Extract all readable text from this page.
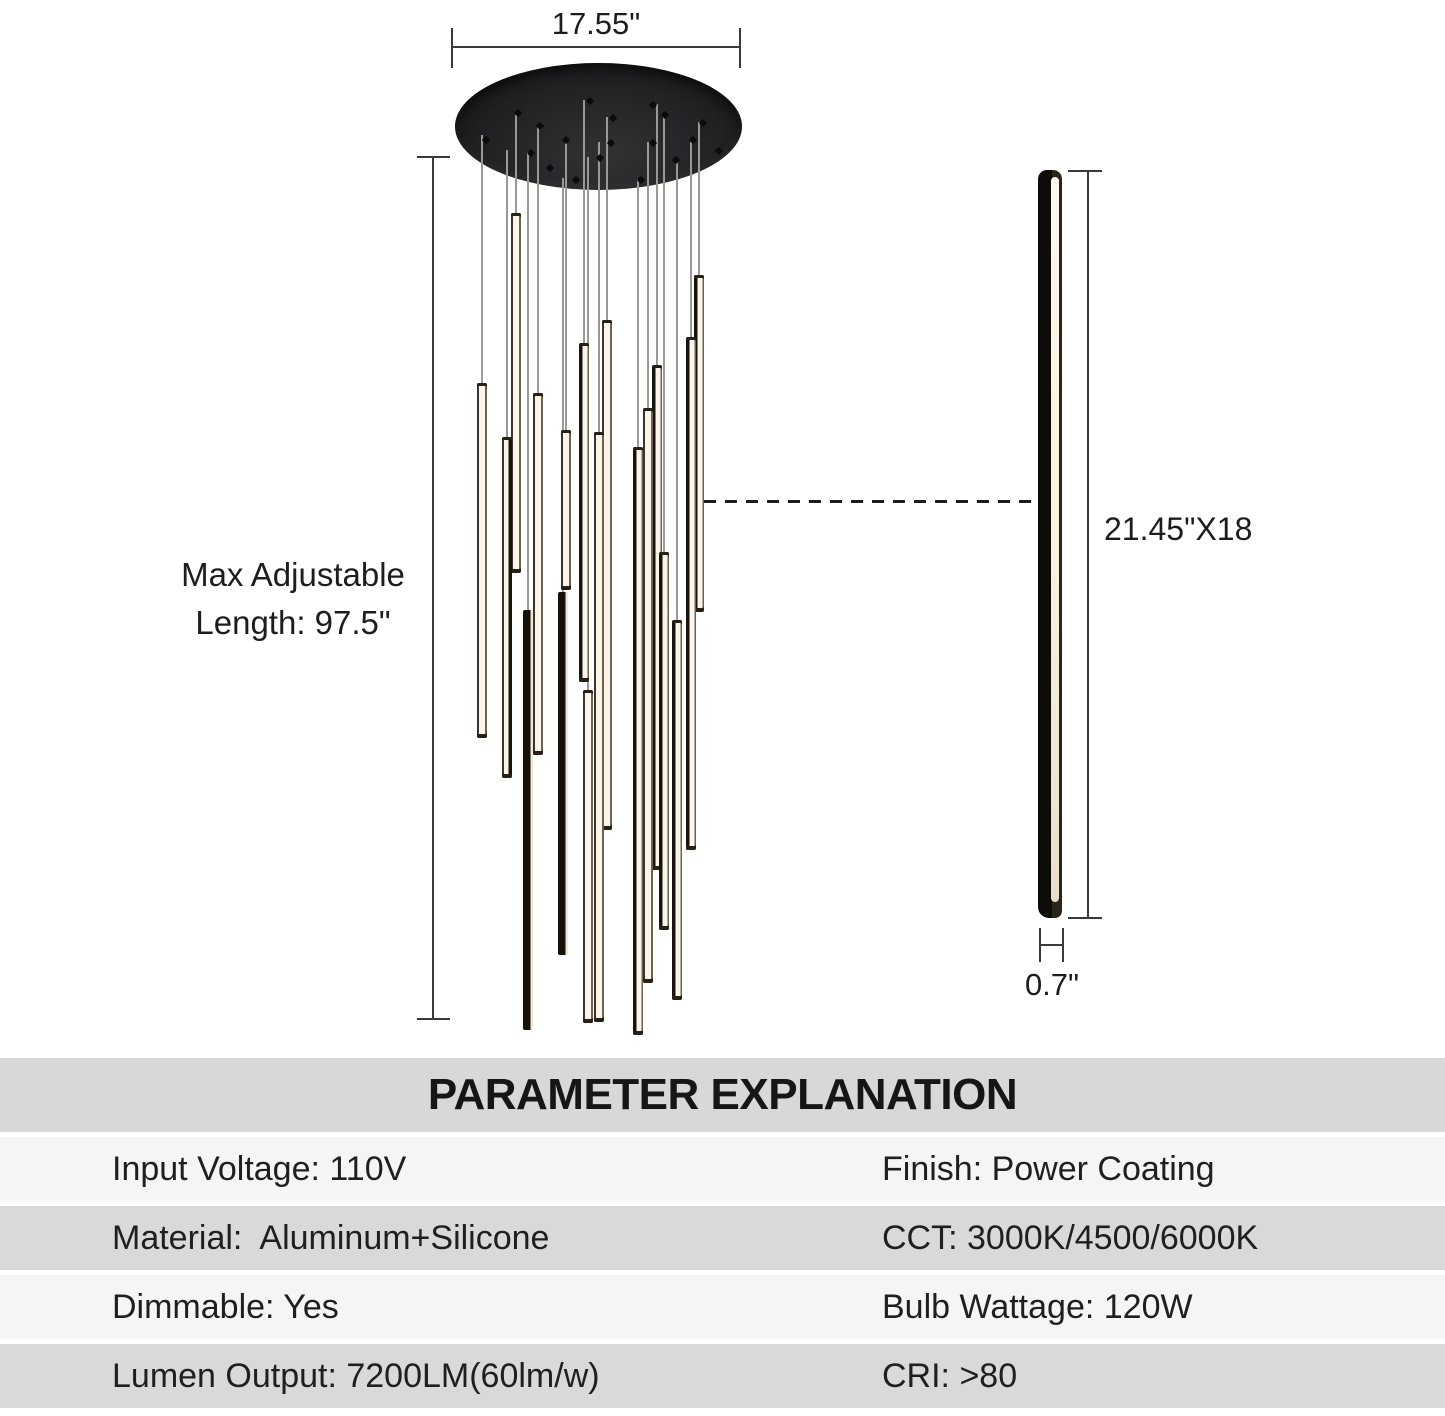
17.55"
Max Adjustable
Length: 97.5"
21.45"X18
0.7"
PARAMETER EXPLANATION
Input Voltage: 110V	Finish: Power Coating
Material:  Aluminum+Silicone	CCT: 3000K/4500/6000K
Dimmable: Yes	Bulb Wattage: 120W
Lumen Output: 7200LM(60lm/w)	CRI: >80
